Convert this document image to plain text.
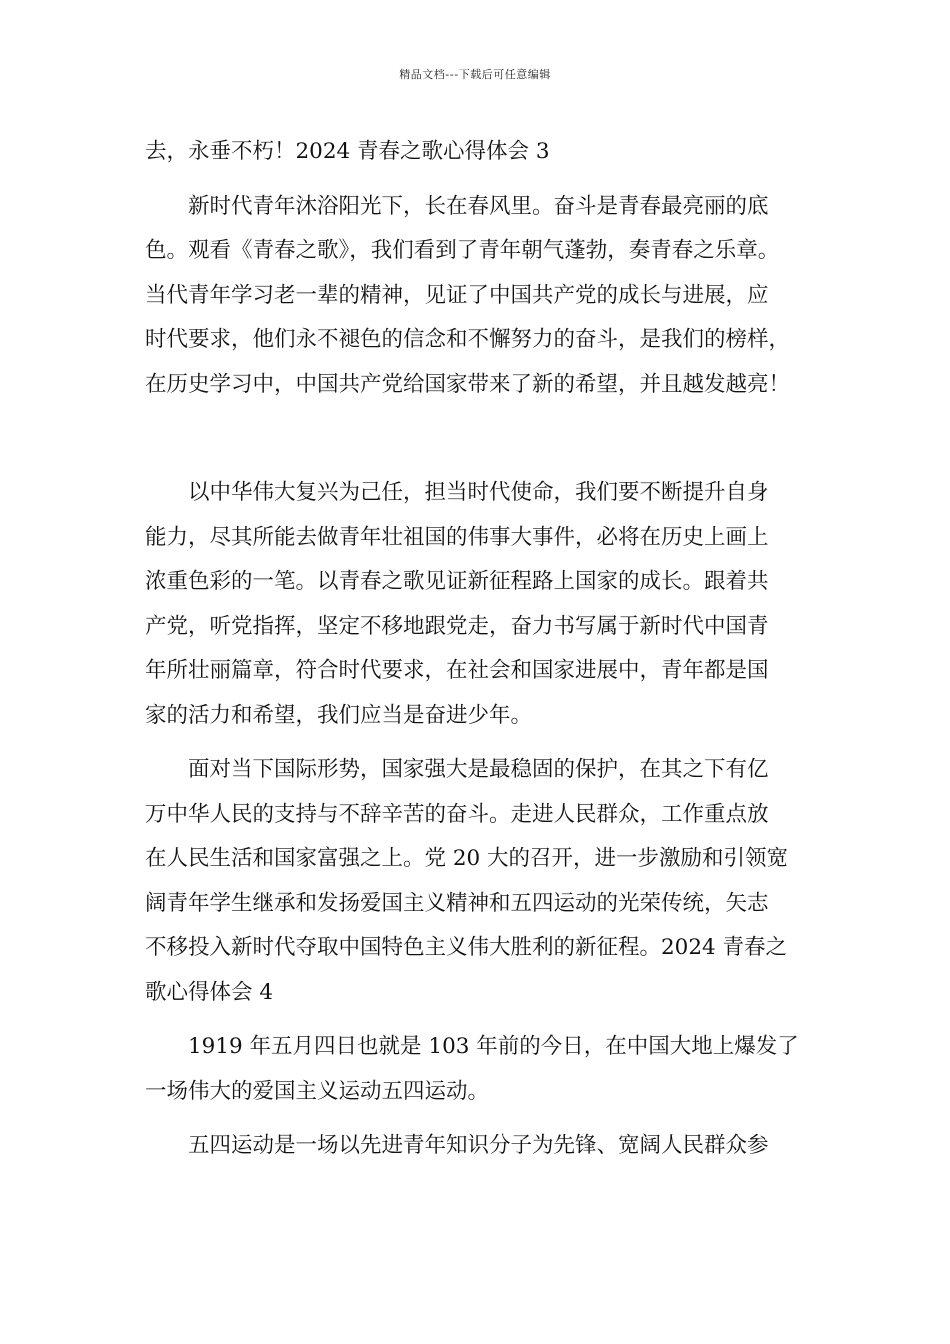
精品文档---下载后可任意编辑

去，永垂不朽！2024 青春之歌心得体会 3

新时代青年沐浴阳光下，长在春风里。奋斗是青春最亮丽的底

色。观看《青春之歌》，我们看到了青年朝气蓬勃，奏青春之乐章。
当代青年学习老一辈的精神，见证了中国共产党的成长与进展，应
时代要求，他们永不褪色的信念和不懈努力的奋斗，是我们的榜样，
在历史学习中，中国共产党给国家带来了新的希望，并且越发越亮！

以中华伟大复兴为己任，担当时代使命，我们要不断提升自身

能力，尽其所能去做青年壮祖国的伟事大事件，必将在历史上画上
浓重色彩的一笔。以青春之歌见证新征程路上国家的成长。跟着共
产党，听党指挥，坚定不移地跟党走，奋力书写属于新时代中国青
年所壮丽篇章，符合时代要求，在社会和国家进展中，青年都是国
家的活力和希望，我们应当是奋进少年。

面对当下国际形势，国家强大是最稳固的保护，在其之下有亿

万中华人民的支持与不辞辛苦的奋斗。走进人民群众，工作重点放
在人民生活和国家富强之上。党 20 大的召开，进一步激励和引领宽
阔青年学生继承和发扬爱国主义精神和五四运动的光荣传统，矢志
不移投入新时代夺取中国特色主义伟大胜利的新征程。2024 青春之
歌心得体会 4

1919 年五月四日也就是 103 年前的今日，在中国大地上爆发了

一场伟大的爱国主义运动五四运动。

五四运动是一场以先进青年知识分子为先锋、宽阔人民群众参
